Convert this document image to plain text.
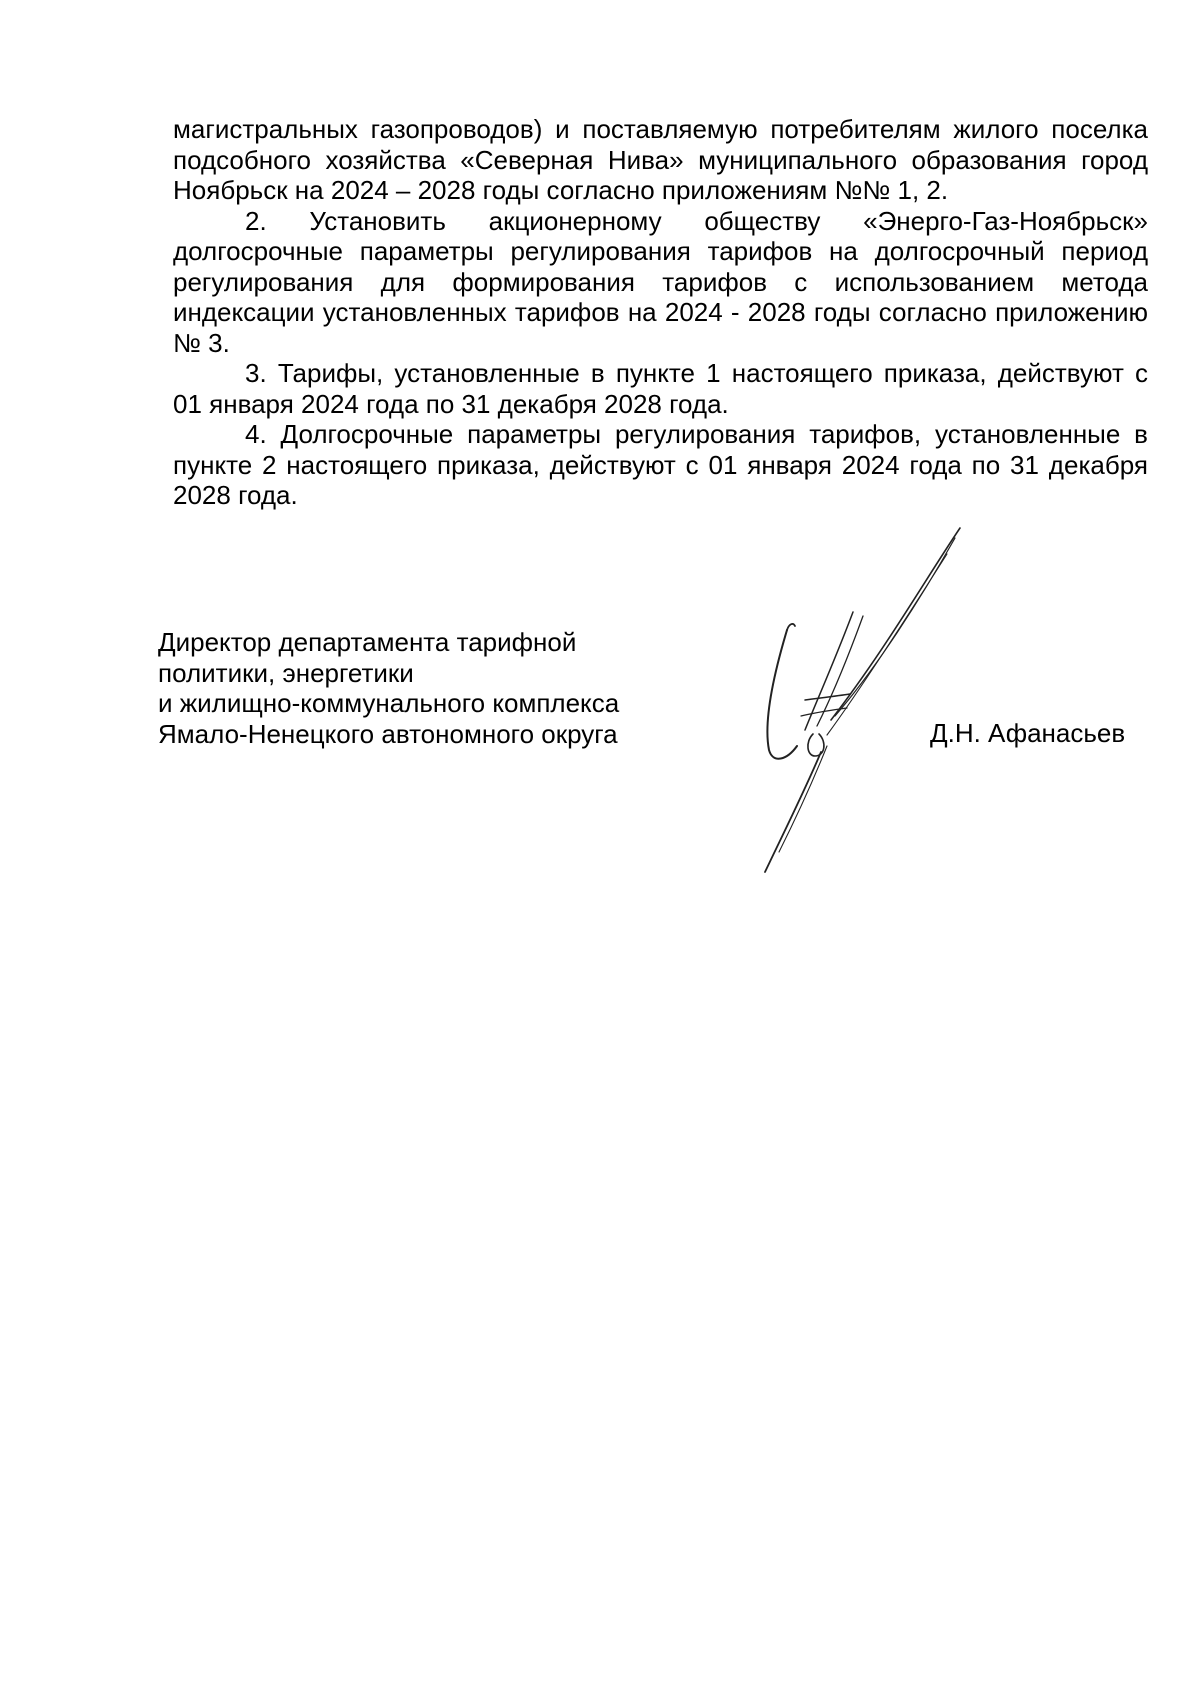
магистральных газопроводов) и поставляемую потребителям жилого поселка подсобного хозяйства «Северная Нива» муниципального образования город Ноябрьск на 2024 – 2028 годы согласно приложениям №№ 1, 2.

2. Установить акционерному обществу «Энерго-Газ-Ноябрьск» долгосрочные параметры регулирования тарифов на долгосрочный период регулирования для формирования тарифов с использованием метода индексации установленных тарифов на 2024 - 2028 годы согласно приложению № 3.

3. Тарифы, установленные в пункте 1 настоящего приказа, действуют с 01 января 2024 года по 31 декабря 2028 года.

4. Долгосрочные параметры регулирования тарифов, установленные в пункте 2 настоящего приказа, действуют с 01 января 2024 года по 31 декабря 2028 года.

Директор департамента тарифной
политики, энергетики
и жилищно-коммунального комплекса
Ямало-Ненецкого автономного округа	Д.Н. Афанасьев
